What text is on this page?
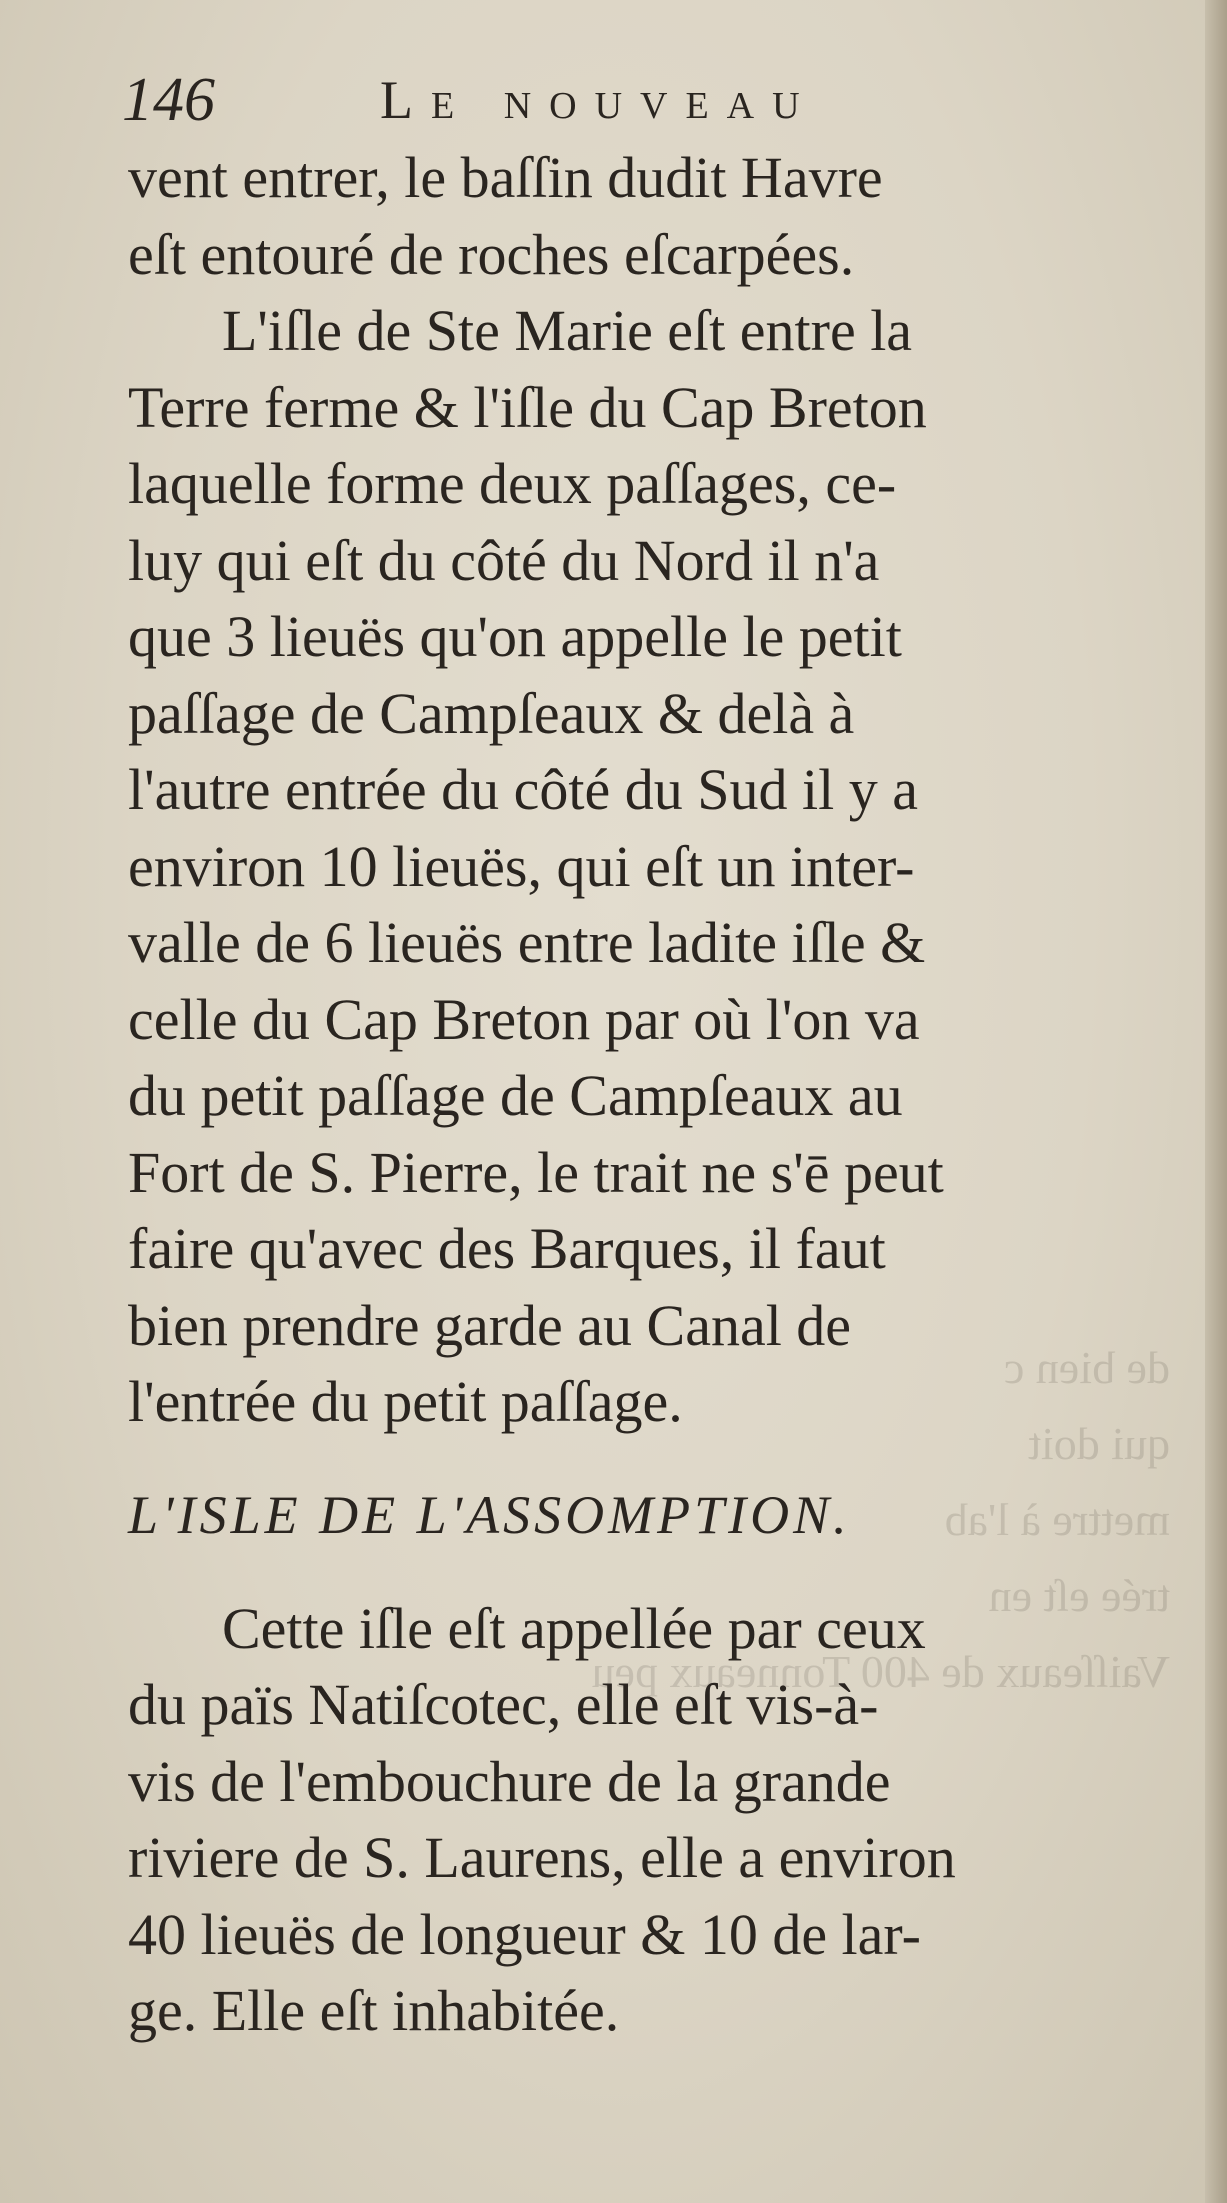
de bien c
qui doit
mettre à l'ab
trée eſt en
Vaiſſeaux de 400 Tonneaux peu
146	Le nouveau
vent entrer, le baſſin dudit Havre
eſt entouré de roches eſcarpées.
L'iſle de Ste Marie eſt entre la
Terre ferme & l'iſle du Cap Breton
laquelle forme deux paſſages, ce-
luy qui eſt du côté du Nord il n'a
que 3 lieuës qu'on appelle le petit
paſſage de Campſeaux & delà à
l'autre entrée du côté du Sud il y a
environ 10 lieuës, qui eſt un inter-
valle de 6 lieuës entre ladite iſle &
celle du Cap Breton par où l'on va
du petit paſſage de Campſeaux au
Fort de S. Pierre, le trait ne s'ē peut
faire qu'avec des Barques, il faut
bien prendre garde au Canal de
l'entrée du petit paſſage.
L'ISLE DE L'ASSOMPTION.
Cette iſle eſt appellée par ceux
du païs Natiſcotec, elle eſt vis-à-
vis de l'embouchure de la grande
riviere de S. Laurens, elle a environ
40 lieuës de longueur & 10 de lar-
ge. Elle eſt inhabitée.
